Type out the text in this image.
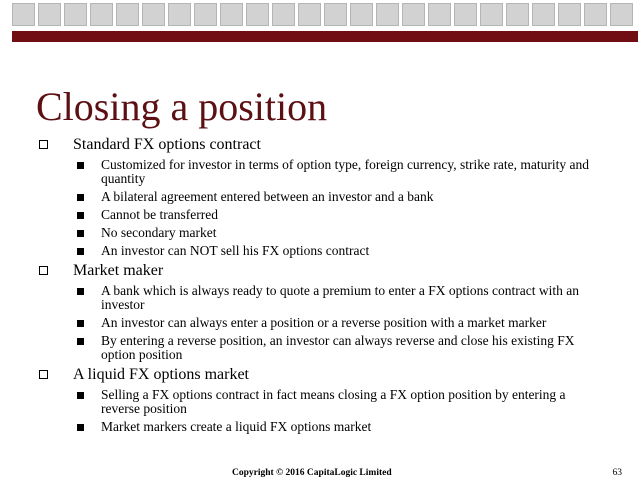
Closing a position
Standard FX options contract
Customized for investor in terms of option type, foreign currency, strike rate, maturity and quantity
A bilateral agreement entered between an investor and a bank
Cannot be transferred
No secondary market
An investor can NOT sell his FX options contract
Market maker
A bank which is always ready to quote a premium to enter a FX options contract with an investor
An investor can always enter a position or a reverse position with a market marker
By entering a reverse position, an investor can always reverse and close his existing FX option position
A liquid FX options market
Selling a FX options contract in fact means closing a FX option position by entering a reverse position
Market markers create a liquid FX options market
Copyright © 2016 CapitaLogic Limited	63
